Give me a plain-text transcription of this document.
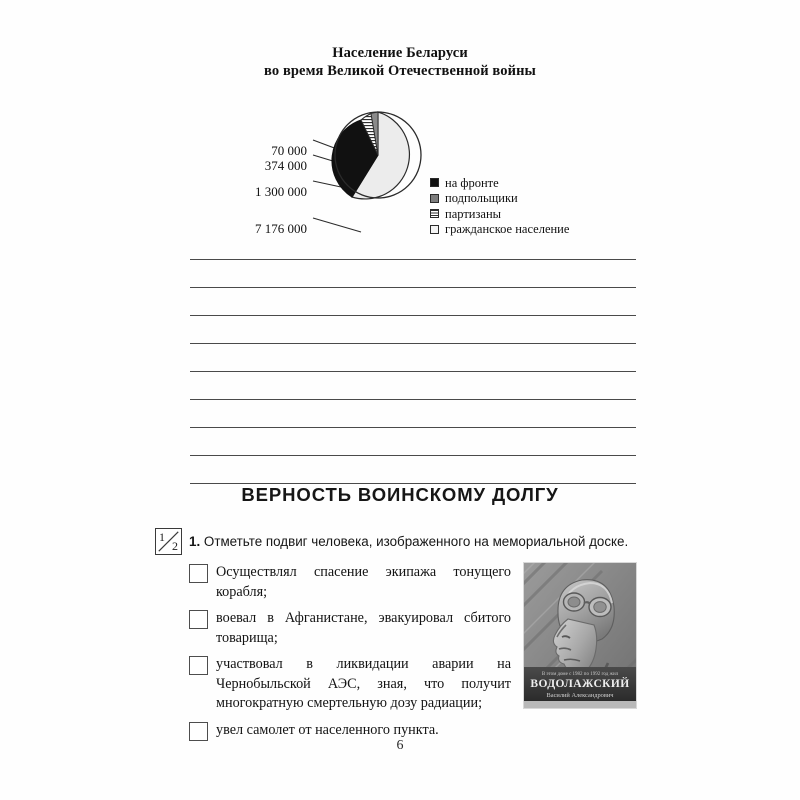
Население Беларуси
во время Великой Отечественной войны
70 000
374 000
1 300 000
7 176 000
на фронте
подпольщики
партизаны
гражданское население
ВЕРНОСТЬ ВОИНСКОМУ ДОЛГУ
1
2 1. Отметьте подвиг человека, изображенного на мемориальной доске.
Осуществлял спасение экипажа тонущего корабля;
воевал в Афганистане, эвакуировал сбитого товарища;
участвовал в ликвидации аварии на Чернобыльской АЭС, зная, что получит многократную смертельную дозу радиации;
увел самолет от населенного пункта.
В этом доме с 1982 по 1992 год жил
ВОДОЛАЖСКИЙ
Василий Александрович
6
